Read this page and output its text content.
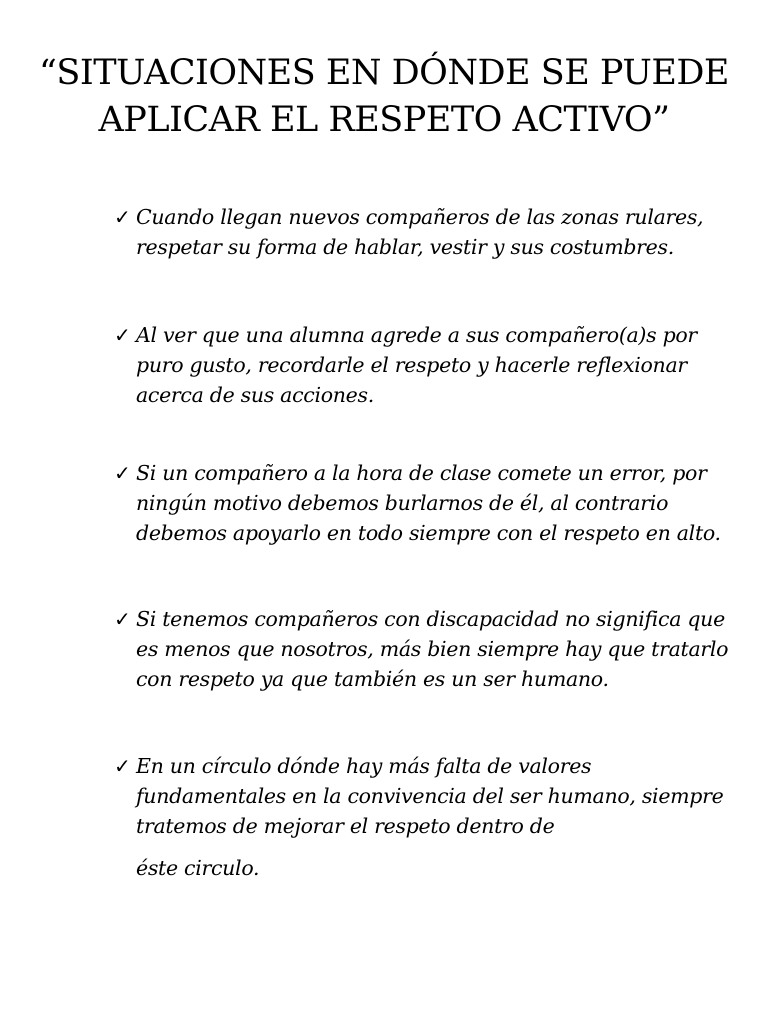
“SITUACIONES EN DÓNDE SE PUEDE
APLICAR EL RESPETO ACTIVO”
✓ Cuando llegan nuevos compañeros de las zonas rulares, respetar su forma de hablar, vestir y sus costumbres.
✓ Al ver que una alumna agrede a sus compañero(a)s por puro gusto, recordarle el respeto y hacerle reflexionar acerca de sus acciones.
✓ Si un compañero a la hora de clase comete un error, por ningún motivo debemos burlarnos de él, al contrario debemos apoyarlo en todo siempre con el respeto en alto.
✓ Si tenemos compañeros con discapacidad no significa que es menos que nosotros, más bien siempre hay que tratarlo con respeto ya que también es un ser humano.
✓ En un círculo dónde hay más falta de valores fundamentales en la convivencia del ser humano, siempre tratemos de mejorar el respeto dentro de
éste circulo.
